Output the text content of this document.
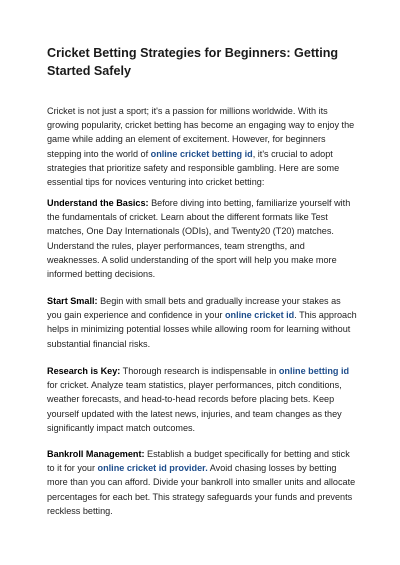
Cricket Betting Strategies for Beginners: Getting Started Safely

Cricket is not just a sport; it's a passion for millions worldwide. With its growing popularity, cricket betting has become an engaging way to enjoy the game while adding an element of excitement. However, for beginners stepping into the world of online cricket betting id, it's crucial to adopt strategies that prioritize safety and responsible gambling. Here are some essential tips for novices venturing into cricket betting:

Understand the Basics: Before diving into betting, familiarize yourself with the fundamentals of cricket. Learn about the different formats like Test matches, One Day Internationals (ODIs), and Twenty20 (T20) matches. Understand the rules, player performances, team strengths, and weaknesses. A solid understanding of the sport will help you make more informed betting decisions.

Start Small: Begin with small bets and gradually increase your stakes as you gain experience and confidence in your online cricket id. This approach helps in minimizing potential losses while allowing room for learning without substantial financial risks.

Research is Key: Thorough research is indispensable in online betting id for cricket. Analyze team statistics, player performances, pitch conditions, weather forecasts, and head-to-head records before placing bets. Keep yourself updated with the latest news, injuries, and team changes as they significantly impact match outcomes.

Bankroll Management: Establish a budget specifically for betting and stick to it for your online cricket id provider. Avoid chasing losses by betting more than you can afford. Divide your bankroll into smaller units and allocate percentages for each bet. This strategy safeguards your funds and prevents reckless betting.
